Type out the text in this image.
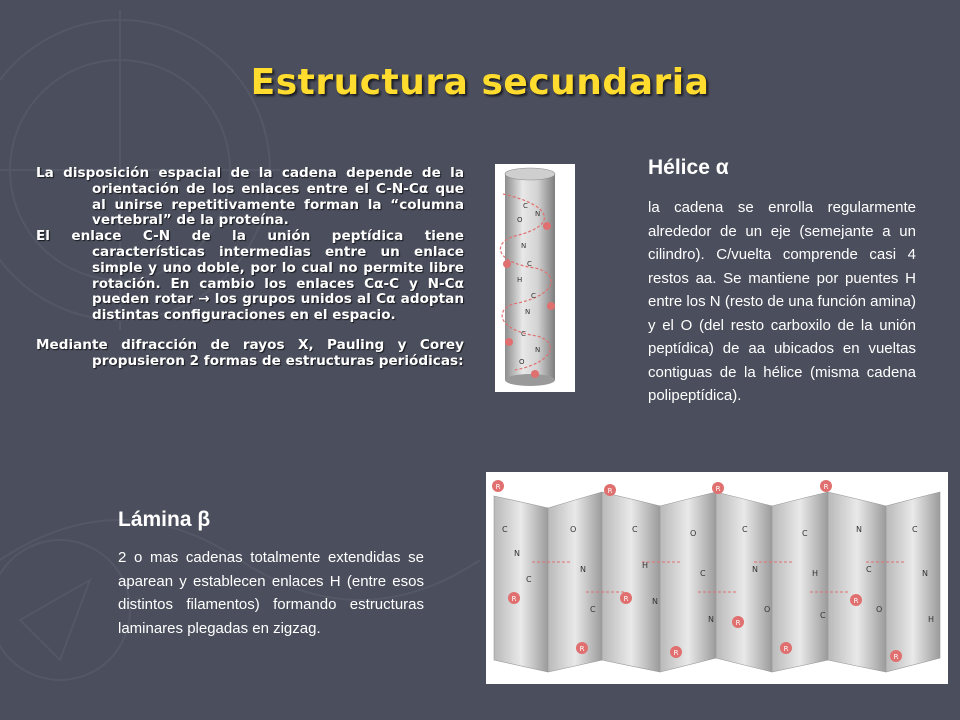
Estructura secundaria

La disposición espacial de la cadena depende de la orientación de los enlaces entre el C-N-Cα que al unirse repetitivamente forman la “columna vertebral” de la proteína.

El enlace C-N de la unión peptídica tiene características intermedias entre un enlace simple y uno doble, por lo cual no permite libre rotación. En cambio los enlaces Cα-C y N-Cα pueden rotar → los grupos unidos al Cα adoptan distintas configuraciones en el espacio.

Mediante difracción de rayos X, Pauling y Corey propusieron 2 formas de estructuras periódicas:

C
N
O
N
C
H
C
N
C
N
O
Hélice α

la cadena se enrolla regularmente alrededor de un eje (semejante a un cilindro). C/vuelta comprende casi 4 restos aa. Se mantiene por puentes H entre los N (resto de una función amina) y el O (del resto carboxilo de la unión peptídica) de aa ubicados en vueltas contiguas de la hélice (misma cadena polipeptídica).

C
N
C
O
N
C
C
H
N
O
C
N
C
N
O
C
H
C
N
C
O
C
N
H
R	R	R	R
R	R
R
R
R	R	R
R
Lámina β

2 o mas cadenas totalmente extendidas se aparean y establecen enlaces H (entre esos distintos filamentos) formando estructuras laminares plegadas en zigzag.
